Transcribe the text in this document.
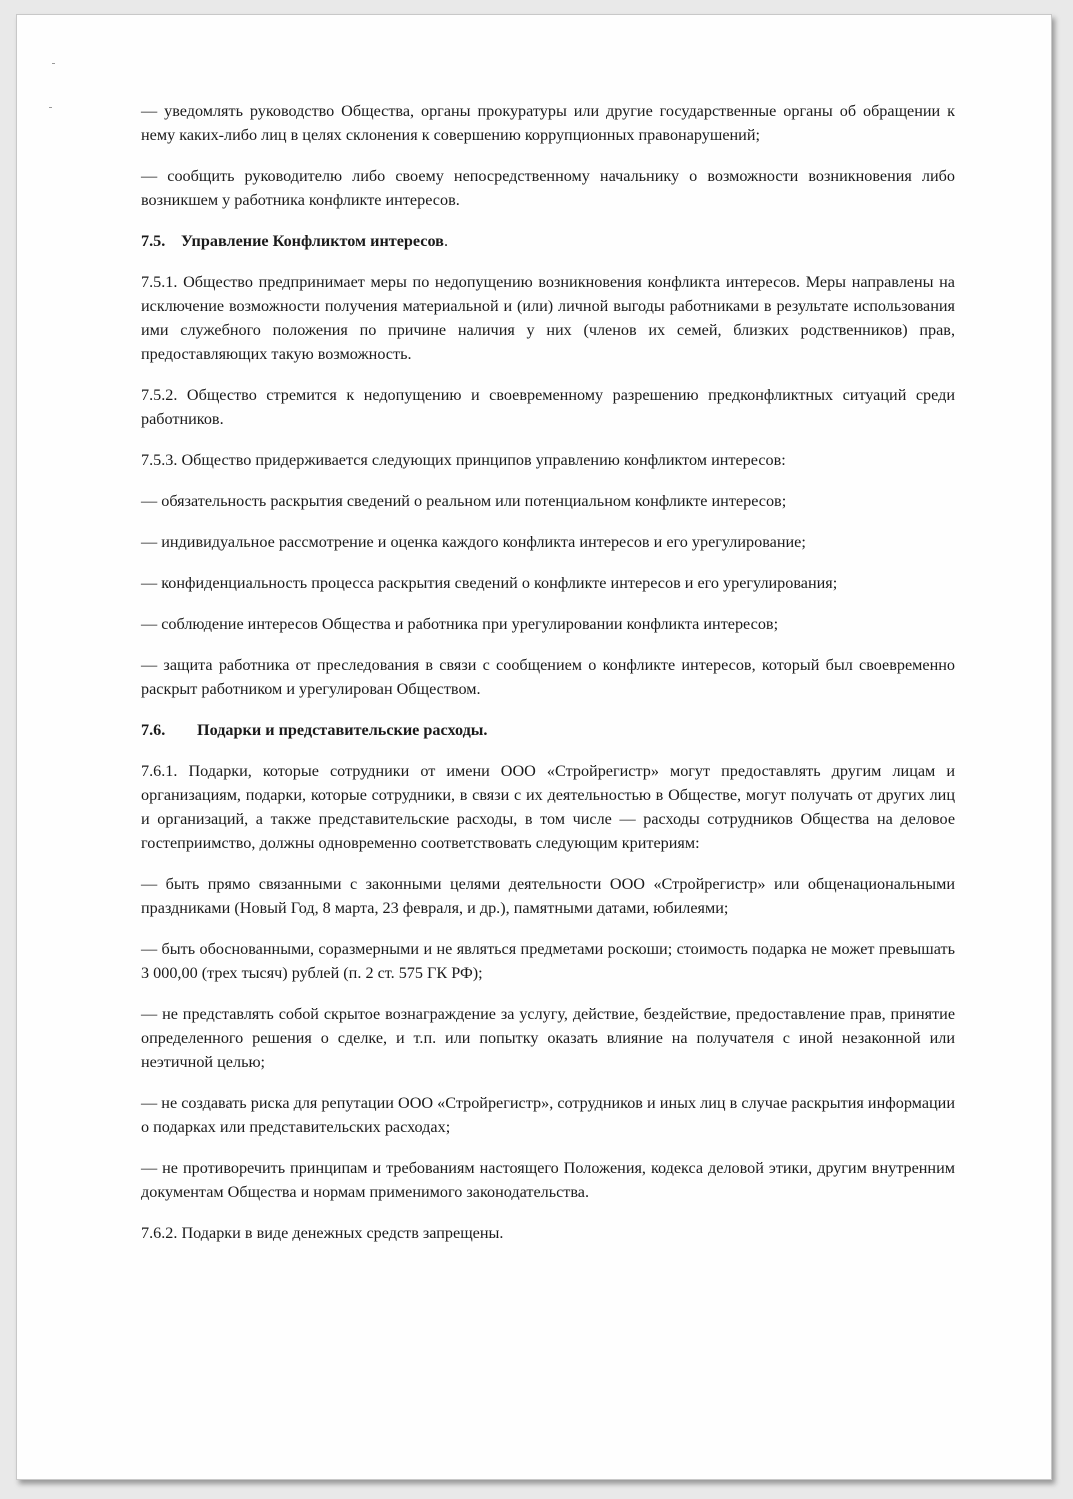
— уведомлять руководство Общества, органы прокуратуры или другие государственные органы об обращении к нему каких-либо лиц в целях склонения к совершению коррупционных правонарушений;

— сообщить руководителю либо своему непосредственному начальнику о возможности возникновения либо возникшем у работника конфликте интересов.

7.5. Управление Конфликтом интересов.

7.5.1. Общество предпринимает меры по недопущению возникновения конфликта интересов. Меры направлены на исключение возможности получения материальной и (или) личной выгоды работниками в результате использования ими служебного положения по причине наличия у них (членов их семей, близких родственников) прав, предоставляющих такую возможность.

7.5.2. Общество стремится к недопущению и своевременному разрешению предконфликтных ситуаций среди работников.

7.5.3. Общество придерживается следующих принципов управлению конфликтом интересов:

— обязательность раскрытия сведений о реальном или потенциальном конфликте интересов;

— индивидуальное рассмотрение и оценка каждого конфликта интересов и его урегулирование;

— конфиденциальность процесса раскрытия сведений о конфликте интересов и его урегулирования;

— соблюдение интересов Общества и работника при урегулировании конфликта интересов;

— защита работника от преследования в связи с сообщением о конфликте интересов, который был своевременно раскрыт работником и урегулирован Обществом.

7.6. Подарки и представительские расходы.

7.6.1. Подарки, которые сотрудники от имени ООО «Стройрегистр» могут предоставлять другим лицам и организациям, подарки, которые сотрудники, в связи с их деятельностью в Обществе, могут получать от других лиц и организаций, а также представительские расходы, в том числе — расходы сотрудников Общества на деловое гостеприимство, должны одновременно соответствовать следующим критериям:

— быть прямо связанными с законными целями деятельности ООО «Стройрегистр» или общенациональными праздниками (Новый Год, 8 марта, 23 февраля, и др.), памятными датами, юбилеями;

— быть обоснованными, соразмерными и не являться предметами роскоши; стоимость подарка не может превышать 3 000,00 (трех тысяч) рублей (п. 2 ст. 575 ГК РФ);

— не представлять собой скрытое вознаграждение за услугу, действие, бездействие, предоставление прав, принятие определенного решения о сделке, и т.п. или попытку оказать влияние на получателя с иной незаконной или неэтичной целью;

— не создавать риска для репутации ООО «Стройрегистр», сотрудников и иных лиц в случае раскрытия информации о подарках или представительских расходах;

— не противоречить принципам и требованиям настоящего Положения, кодекса деловой этики, другим внутренним документам Общества и нормам применимого законодательства.

7.6.2. Подарки в виде денежных средств запрещены.
